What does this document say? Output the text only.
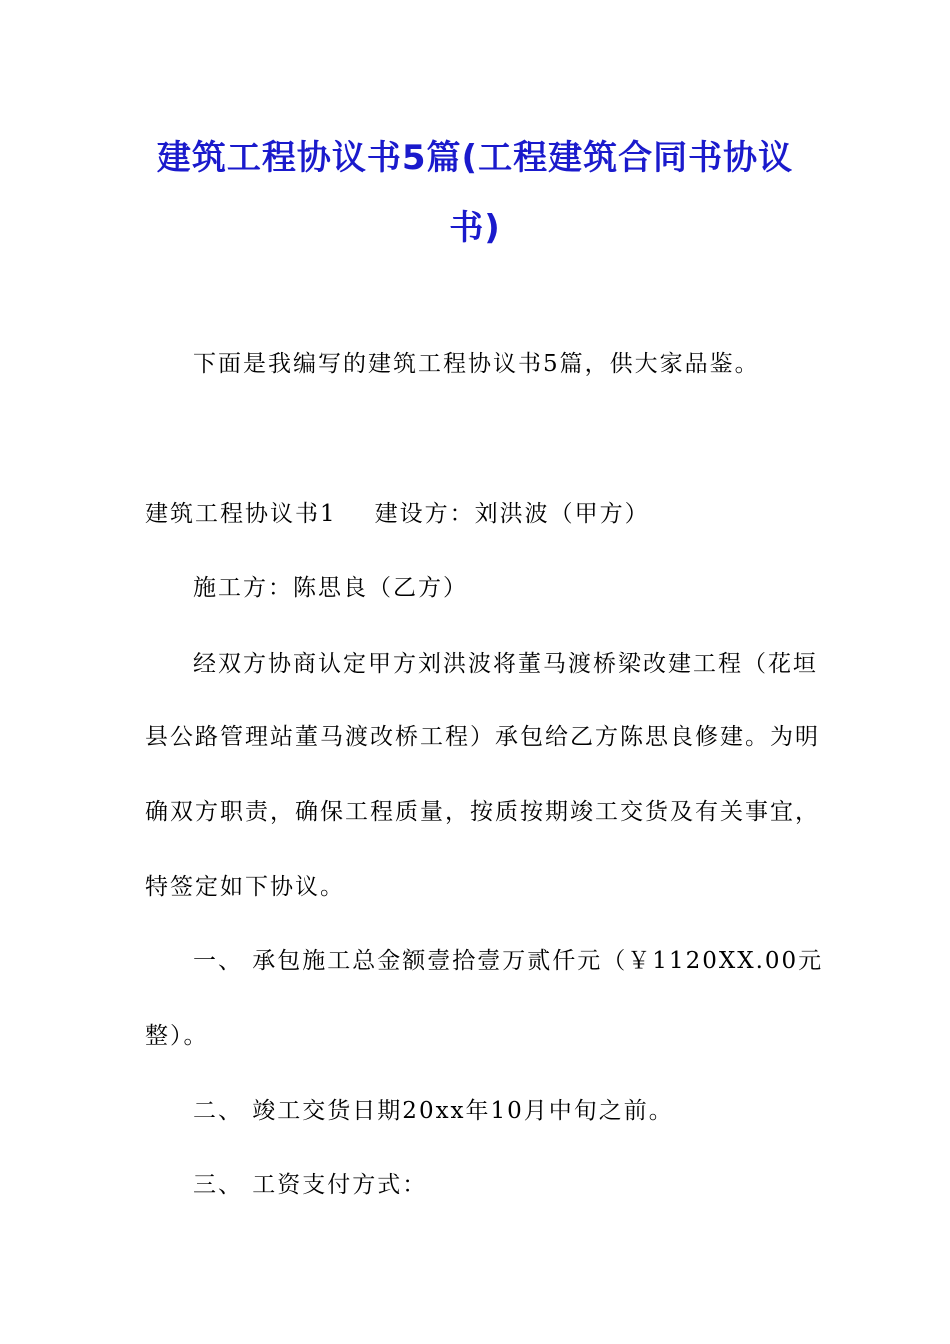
建筑工程协议书5篇(工程建筑合同书协议
书)
下面是我编写的建筑工程协议书5篇，供大家品鉴。
建筑工程协议书1 建设方：刘洪波（甲方）
施工方：陈思良（乙方）
经双方协商认定甲方刘洪波将董马渡桥梁改建工程（花垣
县公路管理站董马渡改桥工程）承包给乙方陈思良修建。为明
确双方职责，确保工程质量，按质按期竣工交货及有关事宜，
特签定如下协议。
一、 承包施工总金额壹拾壹万贰仟元（￥1120XX.00元
整）。
二、 竣工交货日期20xx年10月中旬之前。
三、 工资支付方式：
